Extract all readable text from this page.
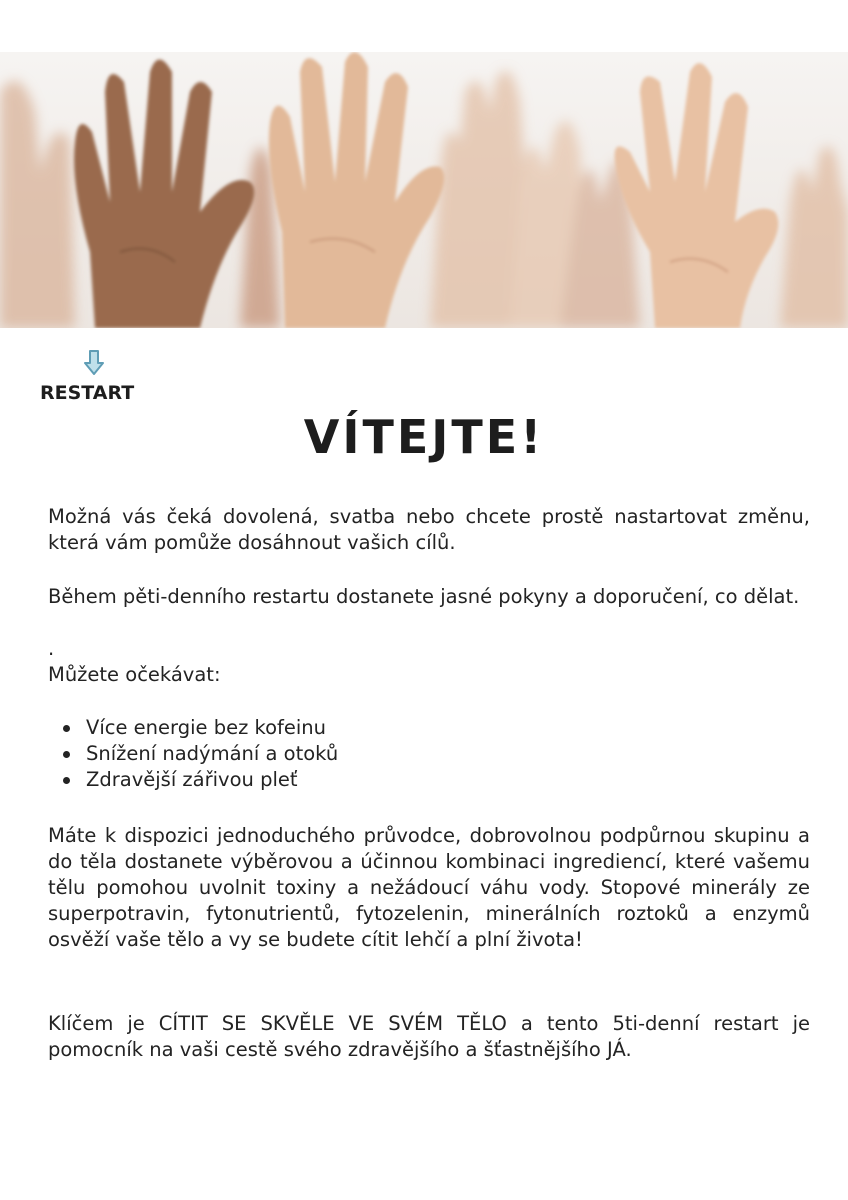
RESTART
VÍTEJTE!
Možná vás čeká dovolená, svatba nebo chcete prostě nastartovat změnu, která vám pomůže dosáhnout vašich cílů.
Během pěti-denního restartu dostanete jasné pokyny a doporučení, co dělat.
.
Můžete očekávat:
Více energie bez kofeinu
Snížení nadýmání a otoků
Zdravější zářivou pleť
Máte k dispozici jednoduchého průvodce, dobrovolnou podpůrnou skupinu a do těla dostanete výběrovou a účinnou kombinaci ingrediencí, které vašemu tělu pomohou uvolnit toxiny a nežádoucí váhu vody. Stopové minerály ze superpotravin, fytonutrientů, fytozelenin, minerálních roztoků a enzymů osvěží vaše tělo a vy se budete cítit lehčí a plní života!
Klíčem je CÍTIT SE SKVĚLE VE SVÉM TĚLO a tento 5ti-denní restart je pomocník na vaši cestě svého zdravějšího a šťastnějšího JÁ.
